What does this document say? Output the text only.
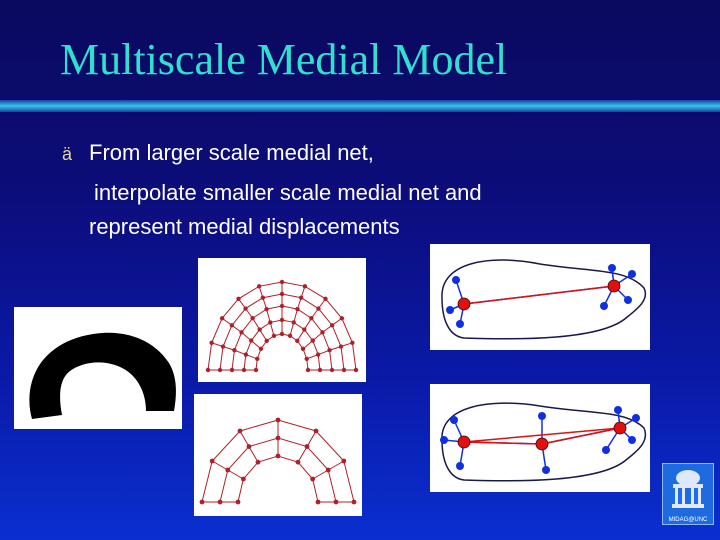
Multiscale Medial Model
ä From larger scale medial net,
interpolate smaller scale medial net and
represent medial displacements
MIDAG@UNC
